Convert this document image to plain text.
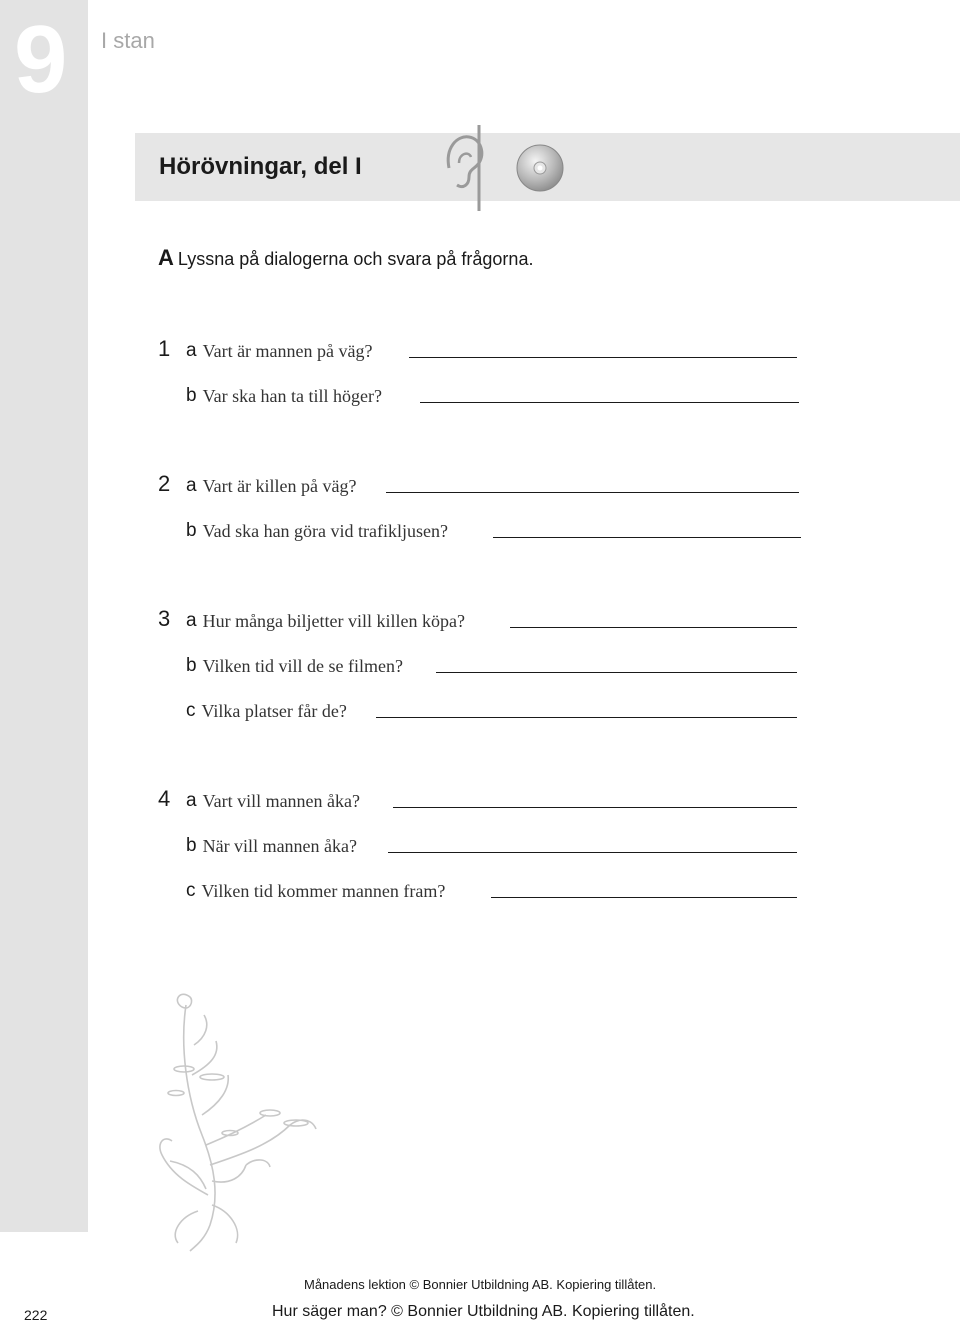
9 I stan
Hörövningar, del I
A Lyssna på dialogerna och svara på frågorna.
1 a Vart är mannen på väg?
b Var ska han ta till höger?
2 a Vart är killen på väg?
b Vad ska han göra vid trafikljusen?
3 a Hur många biljetter vill killen köpa?
b Vilken tid vill de se filmen?
c Vilka platser får de?
4 a Vart vill mannen åka?
b När vill mannen åka?
c Vilken tid kommer mannen fram?
Månadens lektion © Bonnier Utbildning AB. Kopiering tillåten.
222	Hur säger man? © Bonnier Utbildning AB. Kopiering tillåten.
